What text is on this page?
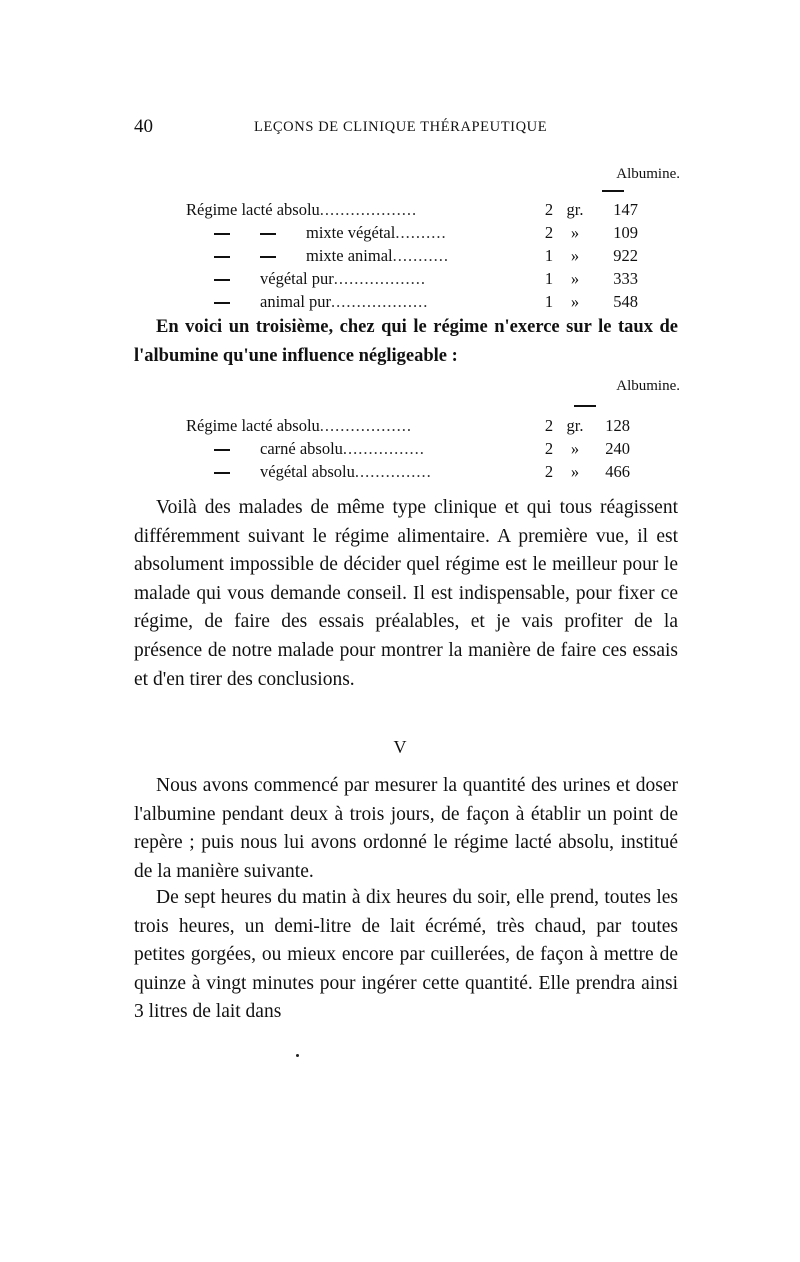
40	LEÇONS DE CLINIQUE THÉRAPEUTIQUE
Albumine.
Régime lacté absolu...................	2	gr.	147
mixte végétal..........	2	»	109
mixte animal...........	1	»	922
végétal pur..................	1	»	333
animal pur...................	1	»	548

En voici un troisième, chez qui le régime n'exerce sur le taux de l'albumine qu'une influence négligeable :

Albumine.
Régime lacté absolu..................	2	gr.	128
carné absolu................	2	»	240
végétal absolu...............	2	»	466

Voilà des malades de même type clinique et qui tous réagissent différemment suivant le régime alimentaire. A première vue, il est absolument impossible de décider quel régime est le meilleur pour le malade qui vous demande conseil. Il est indispensable, pour fixer ce régime, de faire des essais préalables, et je vais profiter de la présence de notre malade pour montrer la manière de faire ces essais et d'en tirer des conclusions.

V

Nous avons commencé par mesurer la quantité des urines et doser l'albumine pendant deux à trois jours, de façon à établir un point de repère ; puis nous lui avons ordonné le régime lacté absolu, institué de la manière suivante.

De sept heures du matin à dix heures du soir, elle prend, toutes les trois heures, un demi-litre de lait écrémé, très chaud, par toutes petites gorgées, ou mieux encore par cuillerées, de façon à mettre de quinze à vingt minutes pour ingérer cette quantité. Elle prendra ainsi 3 litres de lait dans
